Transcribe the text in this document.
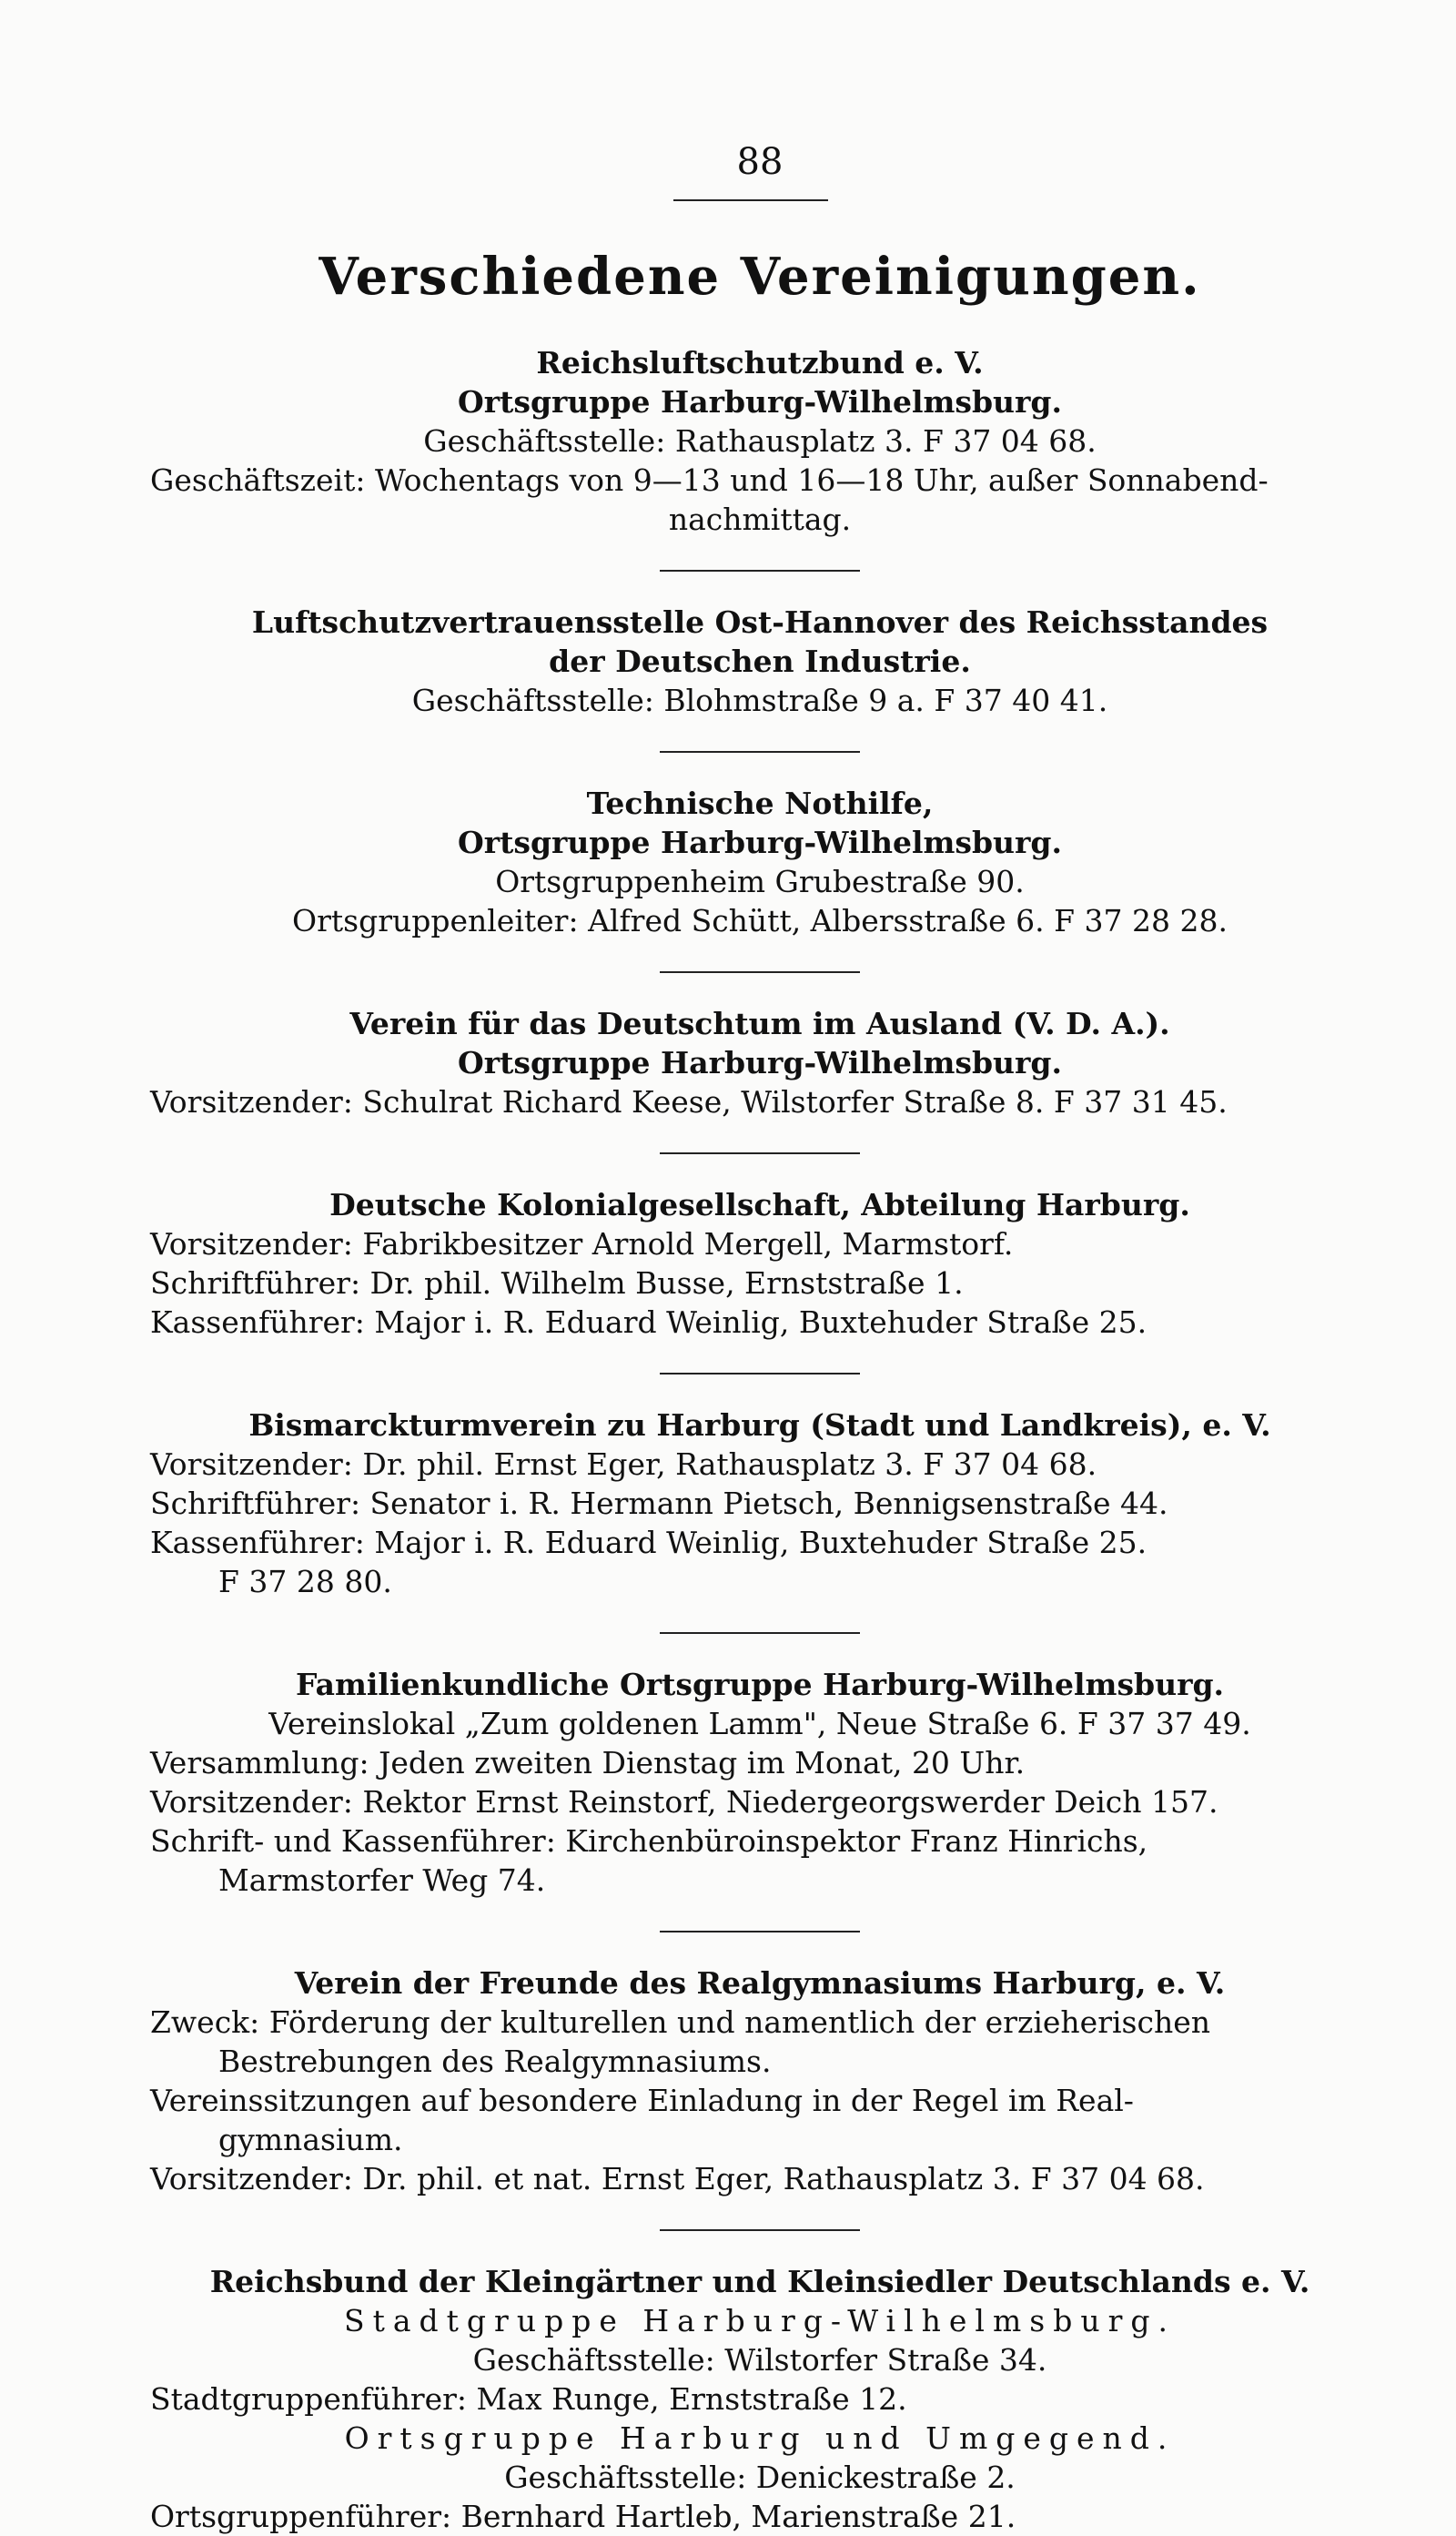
88
Verschiedene Vereinigungen.
Reichsluftschutzbund e. V.
Ortsgruppe Harburg-Wilhelmsburg.
Geschäftsstelle: Rathausplatz 3. F 37 04 68.
Geschäftszeit: Wochentags von 9—13 und 16—18 Uhr, außer Sonnabend-
nachmittag.
Luftschutzvertrauensstelle Ost-Hannover des Reichsstandes
der Deutschen Industrie.
Geschäftsstelle: Blohmstraße 9 a. F 37 40 41.
Technische Nothilfe,
Ortsgruppe Harburg-Wilhelmsburg.
Ortsgruppenheim Grubestraße 90.
Ortsgruppenleiter: Alfred Schütt, Albersstraße 6. F 37 28 28.
Verein für das Deutschtum im Ausland (V. D. A.).
Ortsgruppe Harburg-Wilhelmsburg.
Vorsitzender: Schulrat Richard Keese, Wilstorfer Straße 8. F 37 31 45.
Deutsche Kolonialgesellschaft, Abteilung Harburg.
Vorsitzender: Fabrikbesitzer Arnold Mergell, Marmstorf.
Schriftführer: Dr. phil. Wilhelm Busse, Ernststraße 1.
Kassenführer: Major i. R. Eduard Weinlig, Buxtehuder Straße 25.
Bismarckturmverein zu Harburg (Stadt und Landkreis), e. V.
Vorsitzender: Dr. phil. Ernst Eger, Rathausplatz 3. F 37 04 68.
Schriftführer: Senator i. R. Hermann Pietsch, Bennigsenstraße 44.
Kassenführer: Major i. R. Eduard Weinlig, Buxtehuder Straße 25.
F 37 28 80.
Familienkundliche Ortsgruppe Harburg-Wilhelmsburg.
Vereinslokal „Zum goldenen Lamm", Neue Straße 6. F 37 37 49.
Versammlung: Jeden zweiten Dienstag im Monat, 20 Uhr.
Vorsitzender: Rektor Ernst Reinstorf, Niedergeorgswerder Deich 157.
Schrift- und Kassenführer: Kirchenbüroinspektor Franz Hinrichs,
Marmstorfer Weg 74.
Verein der Freunde des Realgymnasiums Harburg, e. V.
Zweck: Förderung der kulturellen und namentlich der erzieherischen
Bestrebungen des Realgymnasiums.
Vereinssitzungen auf besondere Einladung in der Regel im Real-
gymnasium.
Vorsitzender: Dr. phil. et nat. Ernst Eger, Rathausplatz 3. F 37 04 68.
Reichsbund der Kleingärtner und Kleinsiedler Deutschlands e. V.
Stadtgruppe Harburg-Wilhelmsburg.
Geschäftsstelle: Wilstorfer Straße 34.
Stadtgruppenführer: Max Runge, Ernststraße 12.
Ortsgruppe Harburg und Umgegend.
Geschäftsstelle: Denickestraße 2.
Ortsgruppenführer: Bernhard Hartleb, Marienstraße 21.
